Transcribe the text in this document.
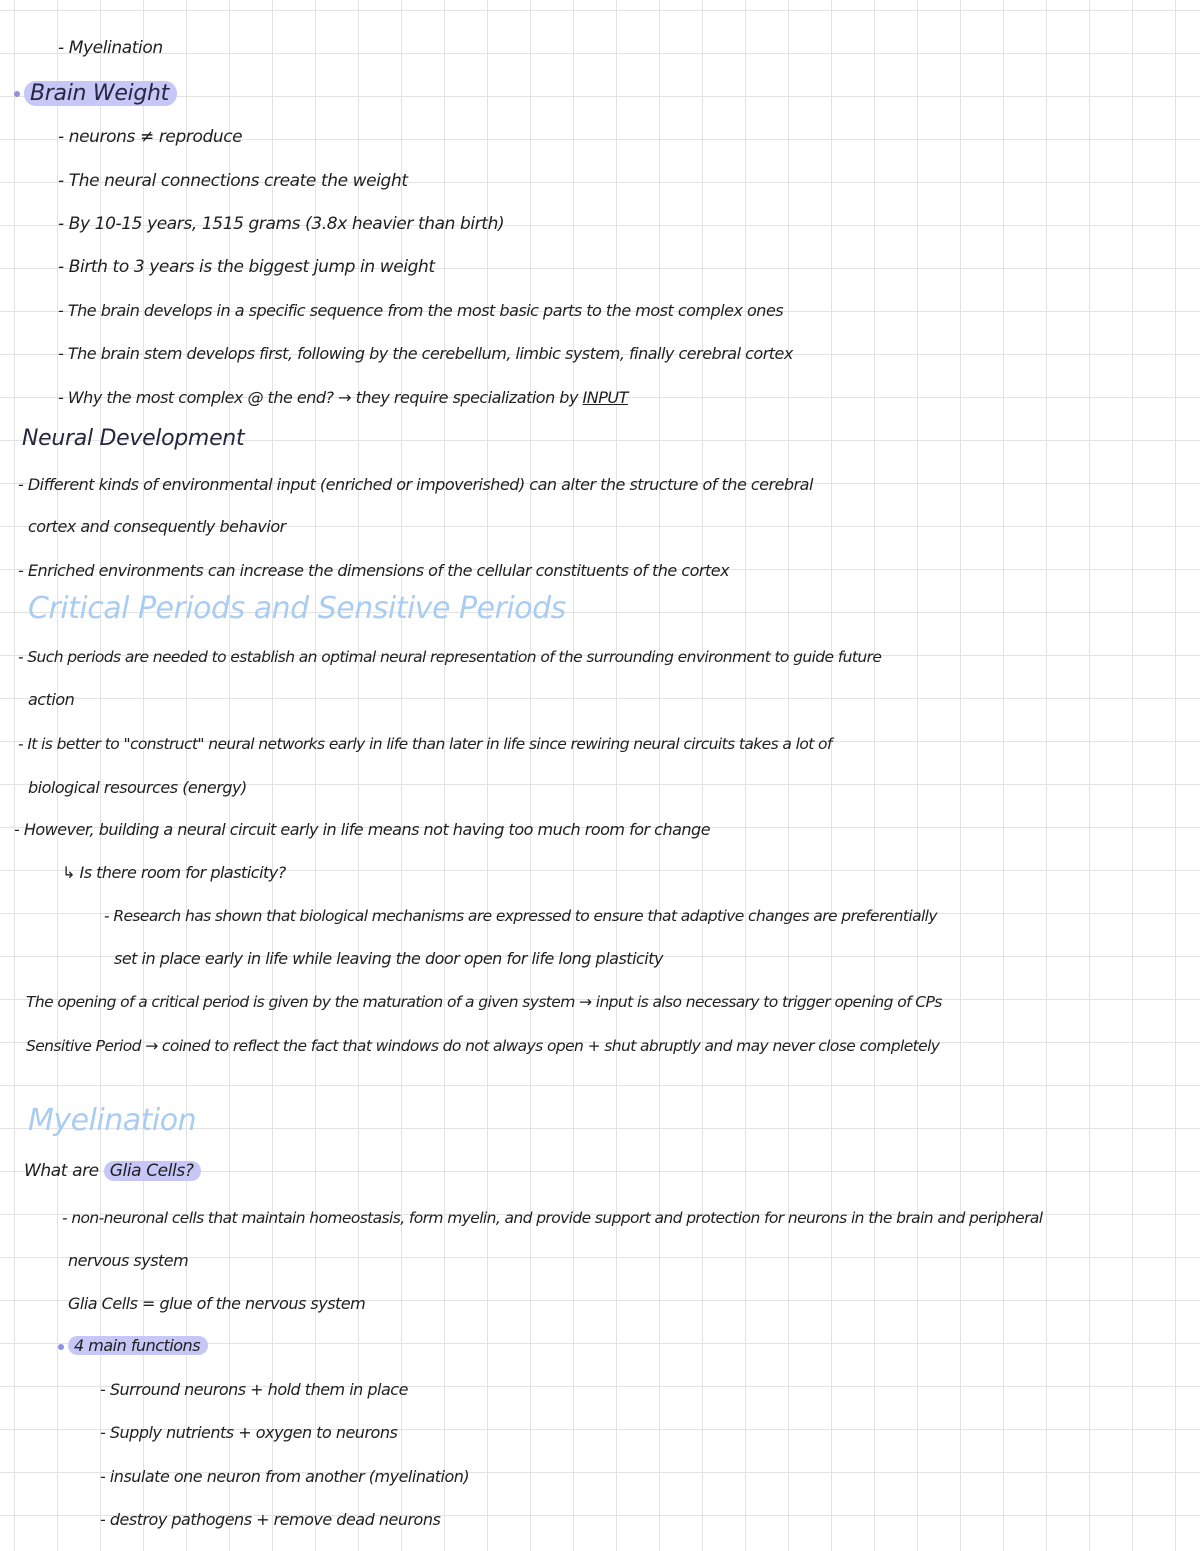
- Myelination
Brain Weight
- neurons ≠ reproduce
- The neural connections create the weight
- By 10-15 years, 1515 grams (3.8x heavier than birth)
- Birth to 3 years is the biggest jump in weight
- The brain develops in a specific sequence from the most basic parts to the most complex ones
- The brain stem develops first, following by the cerebellum, limbic system, finally cerebral cortex
- Why the most complex @ the end? → they require specialization by INPUT
Neural Development
- Different kinds of environmental input (enriched or impoverished) can alter the structure of the cerebral
cortex and consequently behavior
- Enriched environments can increase the dimensions of the cellular constituents of the cortex
Critical Periods and Sensitive Periods
- Such periods are needed to establish an optimal neural representation of the surrounding environment to guide future
action
- It is better to "construct" neural networks early in life than later in life since rewiring neural circuits takes a lot of
biological resources (energy)
- However, building a neural circuit early in life means not having too much room for change
↳ Is there room for plasticity?
- Research has shown that biological mechanisms are expressed to ensure that adaptive changes are preferentially
set in place early in life while leaving the door open for life long plasticity
The opening of a critical period is given by the maturation of a given system → input is also necessary to trigger opening of CPs
Sensitive Period → coined to reflect the fact that windows do not always open + shut abruptly and may never close completely
Myelination
What are Glia Cells?
- non-neuronal cells that maintain homeostasis, form myelin, and provide support and protection for neurons in the brain and peripheral
nervous system
Glia Cells = glue of the nervous system
4 main functions
- Surround neurons + hold them in place
- Supply nutrients + oxygen to neurons
- insulate one neuron from another (myelination)
- destroy pathogens + remove dead neurons
